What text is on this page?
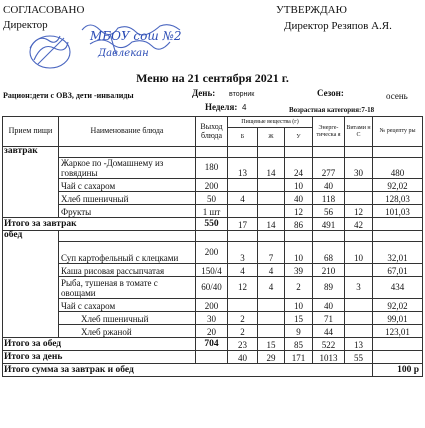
СОГЛАСОВАНО
Директор
УТВЕРЖДАЮ
Директор Резяпов А.Я.
МБОУ сош №2
Давлекан
Меню на 21 сентября 2021 г.
Рацион:дети с ОВЗ, дети -инвалиды	День: вторник	Сезон:	осень
Неделя: 4	Возрастная категория:7-18
Прием пищи	Наименование блюда	Выход блюда	Пищевые вещества (г)			Энерге-тическа я	Витами н С	№ рецепту ры
			Б	Ж	У			
завтрак								
	Жаркое по -Домашнему из говядины	180	13	14	24	277	30	480
	Чай с сахаром	200			10	40		92,02
	Хлеб пшеничный	50	4		40	118		128,03
	Фрукты	1 шт			12	56	12	101,03
Итого за завтрак		550	17	14	86	491	42	
обед								
	Суп картофельный с клецками	200	3	7	10	68	10	32,01
	Каша рисовая рассыпчатая	150/4	4	4	39	210		67,01
	Рыба, тушеная в томате с овощами	60/40	12	4	2	89	3	434
	Чай с сахаром	200			10	40		92,02
	Хлеб пшеничный	30	2		15	71		99,01
	Хлеб ржаной	20	2		9	44		123,01
Итого за обед		704	23	15	85	522	13	
Итого за день			40	29	171	1013	55	
Итого сумма за завтрак и обед								100 р
